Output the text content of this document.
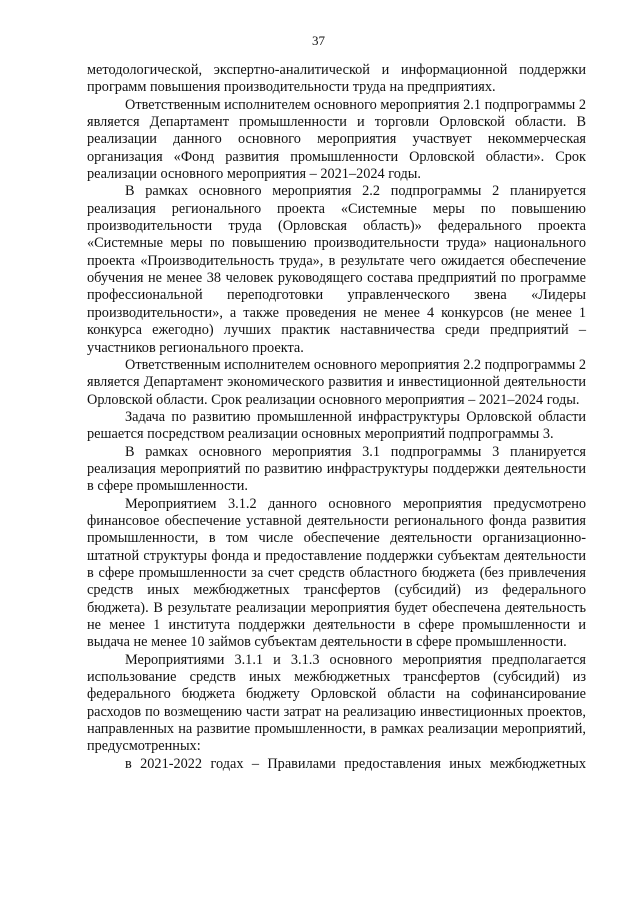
37

методологической, экспертно-аналитической и информационной поддержки программ повышения производительности труда на предприятиях.

Ответственным исполнителем основного мероприятия 2.1 подпрограммы 2 является Департамент промышленности и торговли Орловской области. В реализации данного основного мероприятия участвует некоммерческая организация «Фонд развития промышленности Орловской области». Срок реализации основного мероприятия – 2021–2024 годы.

В рамках основного мероприятия 2.2 подпрограммы 2 планируется реализация регионального проекта «Системные меры по повышению производительности труда (Орловская область)» федерального проекта «Системные меры по повышению производительности труда» национального проекта «Производительность труда», в результате чего ожидается обеспечение обучения не менее 38 человек руководящего состава предприятий по программе профессиональной переподготовки управленческого звена «Лидеры производительности», а также проведения не менее 4 конкурсов (не менее 1 конкурса ежегодно) лучших практик наставничества среди предприятий – участников регионального проекта.

Ответственным исполнителем основного мероприятия 2.2 подпрограммы 2 является Департамент экономического развития и инвестиционной деятельности Орловской области. Срок реализации основного мероприятия – 2021–2024 годы.

Задача по развитию промышленной инфраструктуры Орловской области решается посредством реализации основных мероприятий подпрограммы 3.

В рамках основного мероприятия 3.1 подпрограммы 3 планируется реализация мероприятий по развитию инфраструктуры поддержки деятельности в сфере промышленности.

Мероприятием 3.1.2 данного основного мероприятия предусмотрено финансовое обеспечение уставной деятельности регионального фонда развития промышленности, в том числе обеспечение деятельности организационно-штатной структуры фонда и предоставление поддержки субъектам деятельности в сфере промышленности за счет средств областного бюджета (без привлечения средств иных межбюджетных трансфертов (субсидий) из федерального бюджета). В результате реализации мероприятия будет обеспечена деятельность не менее 1 института поддержки деятельности в сфере промышленности и выдача не менее 10 займов субъектам деятельности в сфере промышленности.

Мероприятиями 3.1.1 и 3.1.3 основного мероприятия предполагается использование средств иных межбюджетных трансфертов (субсидий) из федерального бюджета бюджету Орловской области на софинансирование расходов по возмещению части затрат на реализацию инвестиционных проектов, направленных на развитие промышленности, в рамках реализации мероприятий, предусмотренных:

в 2021-2022 годах – Правилами предоставления иных межбюджетных
